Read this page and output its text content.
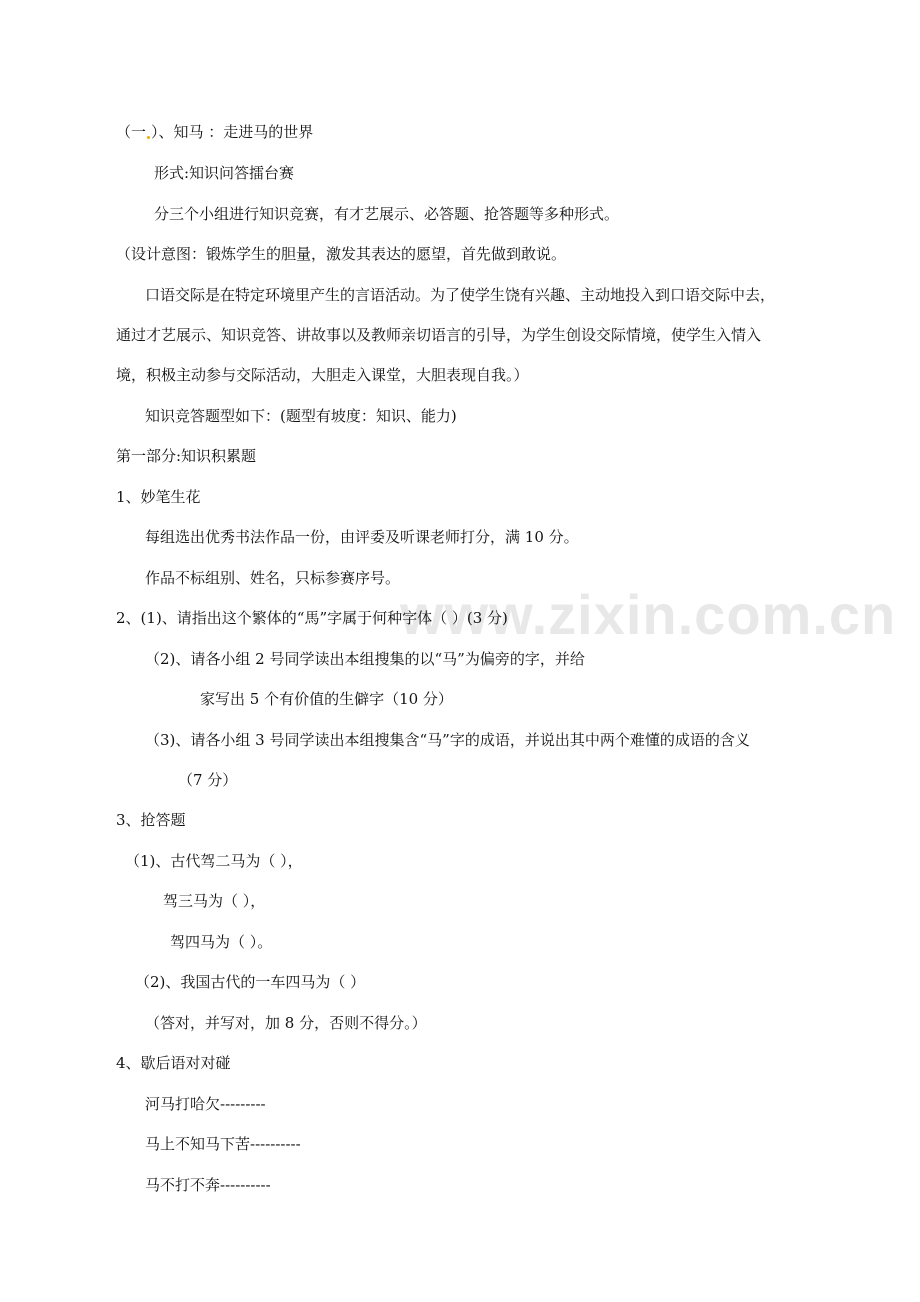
www.zixin.com.cn
（一 ）、知马 ：走进马的世界
形式:知识问答擂台赛
分三个小组进行知识竞赛，有才艺展示、必答题、抢答题等多种形式。
（设计意图：锻炼学生的胆量，激发其表达的愿望，首先做到敢说。
口语交际是在特定环境里产生的言语活动。为了使学生饶有兴趣、主动地投入到口语交际中去，
通过才艺展示、知识竞答、讲故事以及教师亲切语言的引导，为学生创设交际情境，使学生入情入
境，积极主动参与交际活动，大胆走入课堂，大胆表现自我。）
知识竞答题型如下：(题型有坡度：知识、能力)
第一部分:知识积累题
1、妙笔生花
每组选出优秀书法作品一份，由评委及听课老师打分，满 10 分。
作品不标组别、姓名，只标参赛序号。
2、(1)、请指出这个繁体的“馬”字属于何种字体（ ）(3 分)
（2)、请各小组 2 号同学读出本组搜集的以“马”为偏旁的字，并给
家写出 5 个有价值的生僻字（10 分）
（3)、请各小组 3 号同学读出本组搜集含“马”字的成语，并说出其中两个难懂的成语的含义
（7 分）
3、抢答题
（1)、古代驾二马为（ ），
驾三马为（ ），
驾四马为（ ）。
（2)、我国古代的一车四马为（ ）
（答对，并写对，加 8 分，否则不得分。）
4、歇后语对对碰
河马打哈欠---------
马上不知马下苦----------
马不打不奔----------
